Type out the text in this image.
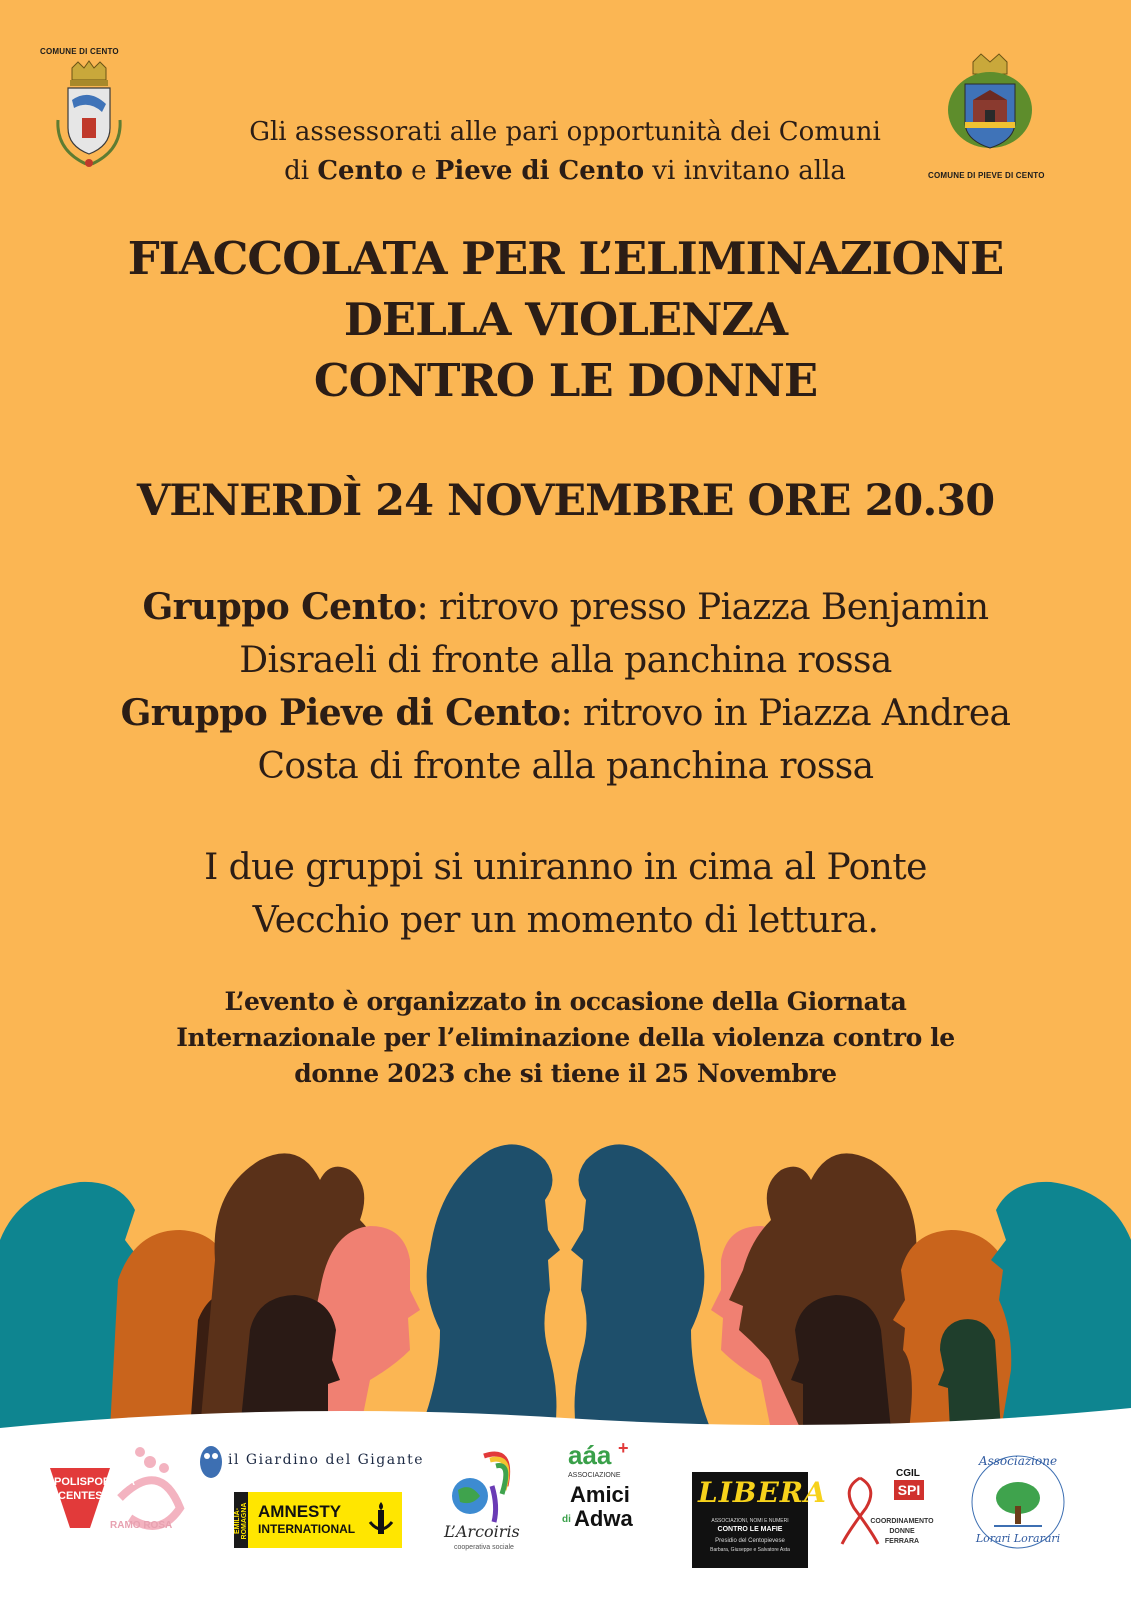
COMUNE DI CENTO
COMUNE DI PIEVE DI CENTO
Gli assessorati alle pari opportunità dei Comuni
di Cento e Pieve di Cento vi invitano alla
FIACCOLATA PER L’ELIMINAZIONE
DELLA VIOLENZA
CONTRO LE DONNE
VENERDÌ 24 NOVEMBRE ORE 20.30
Gruppo Cento: ritrovo presso Piazza Benjamin
Disraeli di fronte alla panchina rossa
Gruppo Pieve di Cento: ritrovo in Piazza Andrea
Costa di fronte alla panchina rossa
I due gruppi si uniranno in cima al Ponte
Vecchio per un momento di lettura.
L’evento è organizzato in occasione della Giornata
Internazionale per l’eliminazione della violenza contro le
donne 2023 che si tiene il 25 Novembre
POLISPORTIVA
CENTESE
RAMO ROSA
il Giardino del Gigante
EMILIA-ROMAGNA AMNESTY
INTERNATIONAL	L’Arcoiris
cooperativa sociale
aáa +
ASSOCIAZIONE
Amici
di Adwa
LIBERA
ASSOCIAZIONI, NOMI E NUMERI
CONTRO LE MAFIE
Presidio del Centopievese
Barbara, Giuseppe e Salvatore Asta
CGIL
SPI
COORDINAMENTO
DONNE
FERRARA
Associazione
Lorari Lorarari
